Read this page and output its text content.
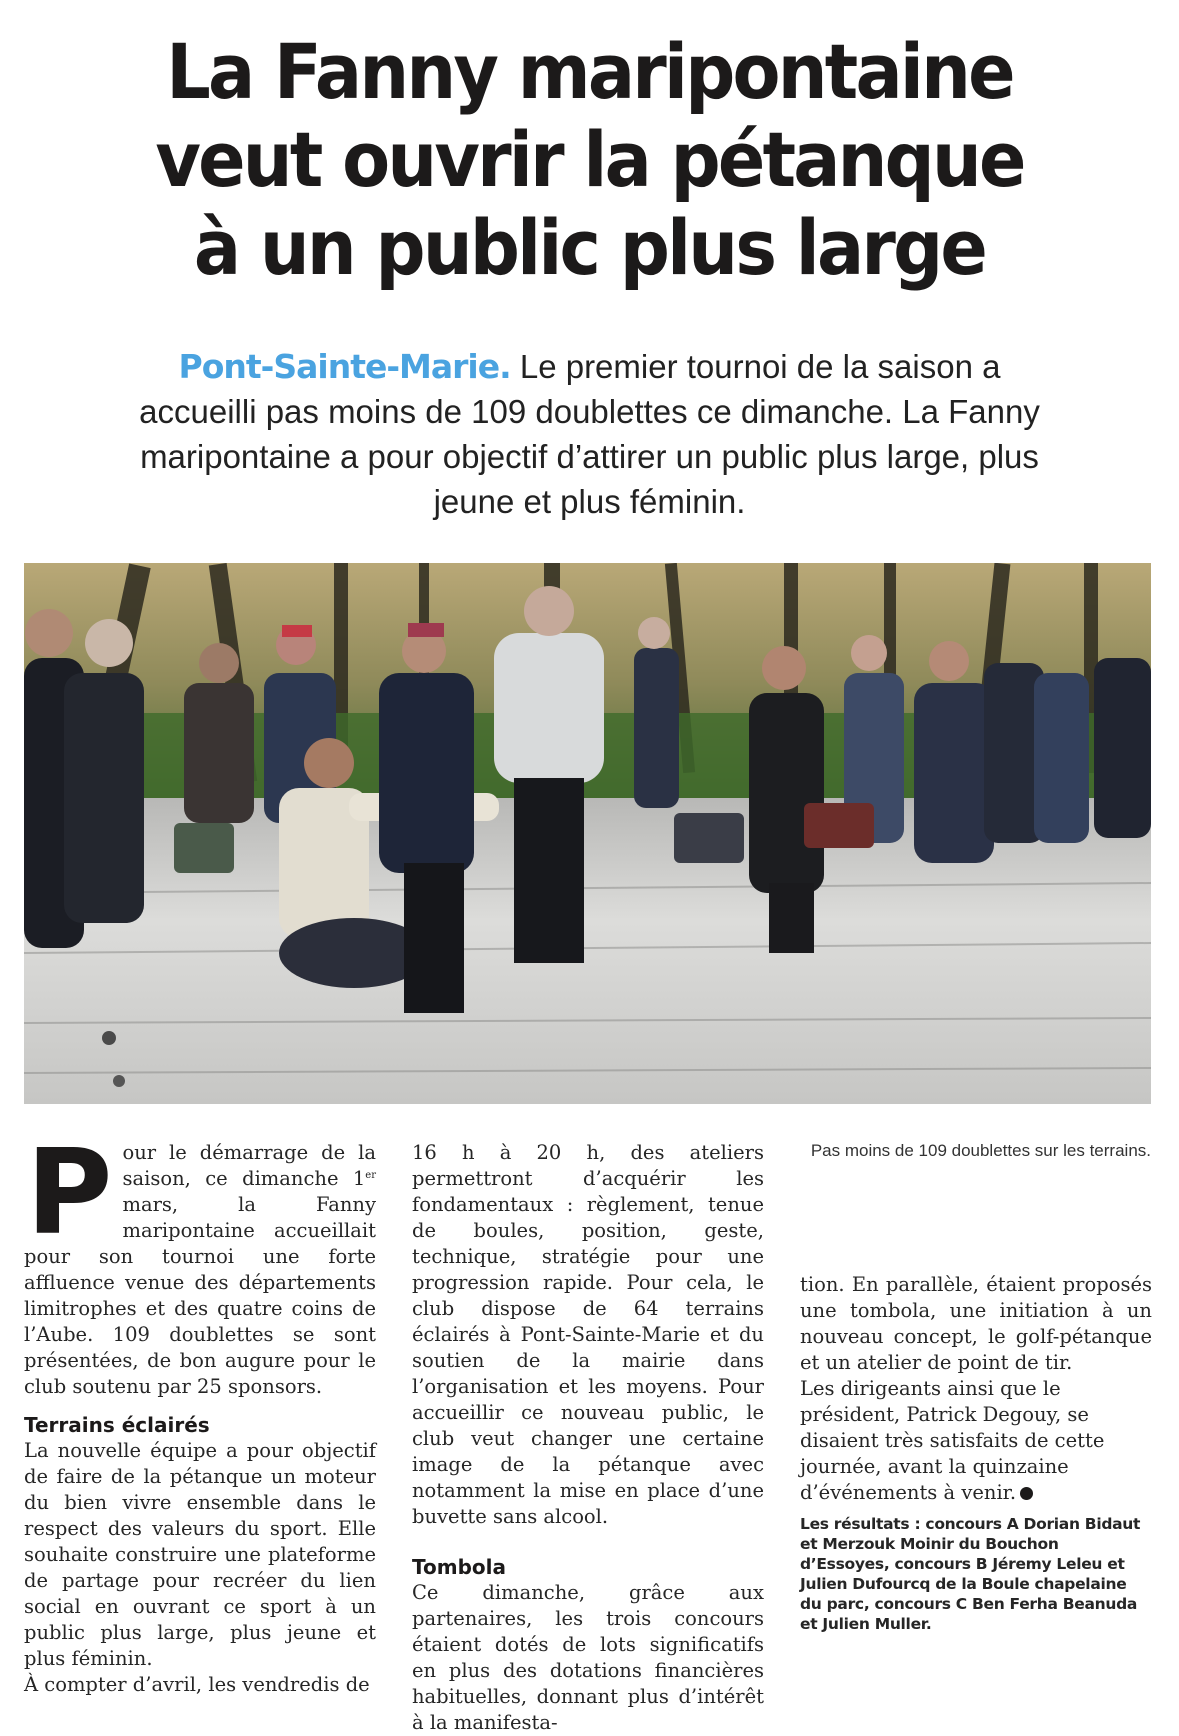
La Fanny maripontaine
veut ouvrir la pétanque
à un public plus large
Pont-Sainte-Marie. Le premier tournoi de la saison a accueilli pas moins de 109 doublettes ce dimanche. La Fanny maripontaine a pour objectif d’attirer un public plus large, plus jeune et plus féminin.
Pas moins de 109 doublettes sur les terrains.

Pour le démarrage de la saison, ce dimanche 1er mars, la Fanny maripontaine accueillait pour son tournoi une forte affluence venue des départements limitrophes et des quatre coins de l’Aube. 109 doublettes se sont présentées, de bon augure pour le club soutenu par 25 sponsors.

Terrains éclairés

La nouvelle équipe a pour objectif de faire de la pétanque un moteur du bien vivre ensemble dans le respect des valeurs du sport. Elle souhaite construire une plateforme de partage pour recréer du lien social en ouvrant ce sport à un public plus large, plus jeune et plus féminin.

À compter d’avril, les vendredis de

16 h à 20 h, des ateliers permettront d’acquérir les fondamentaux : règlement, tenue de boules, position, geste, technique, stratégie pour une progression rapide. Pour cela, le club dispose de 64 terrains éclairés à Pont-Sainte-Marie et du soutien de la mairie dans l’organisation et les moyens. Pour accueillir ce nouveau public, le club veut changer une certaine image de la pétanque avec notamment la mise en place d’une buvette sans alcool.

Tombola

Ce dimanche, grâce aux partenaires, les trois concours étaient dotés de lots significatifs en plus des dotations financières habituelles, donnant plus d’intérêt à la manifesta-

tion. En parallèle, étaient proposés une tombola, une initiation à un nouveau concept, le golf-pétanque et un atelier de point de tir.

Les dirigeants ainsi que le président, Patrick Degouy, se disaient très satisfaits de cette journée, avant la quinzaine d’événements à venir.

Les résultats : concours A Dorian Bidaut et Merzouk Moinir du Bouchon d’Essoyes, concours B Jéremy Leleu et Julien Dufourcq de la Boule chapelaine du parc, concours C Ben Ferha Beanuda et Julien Muller.
